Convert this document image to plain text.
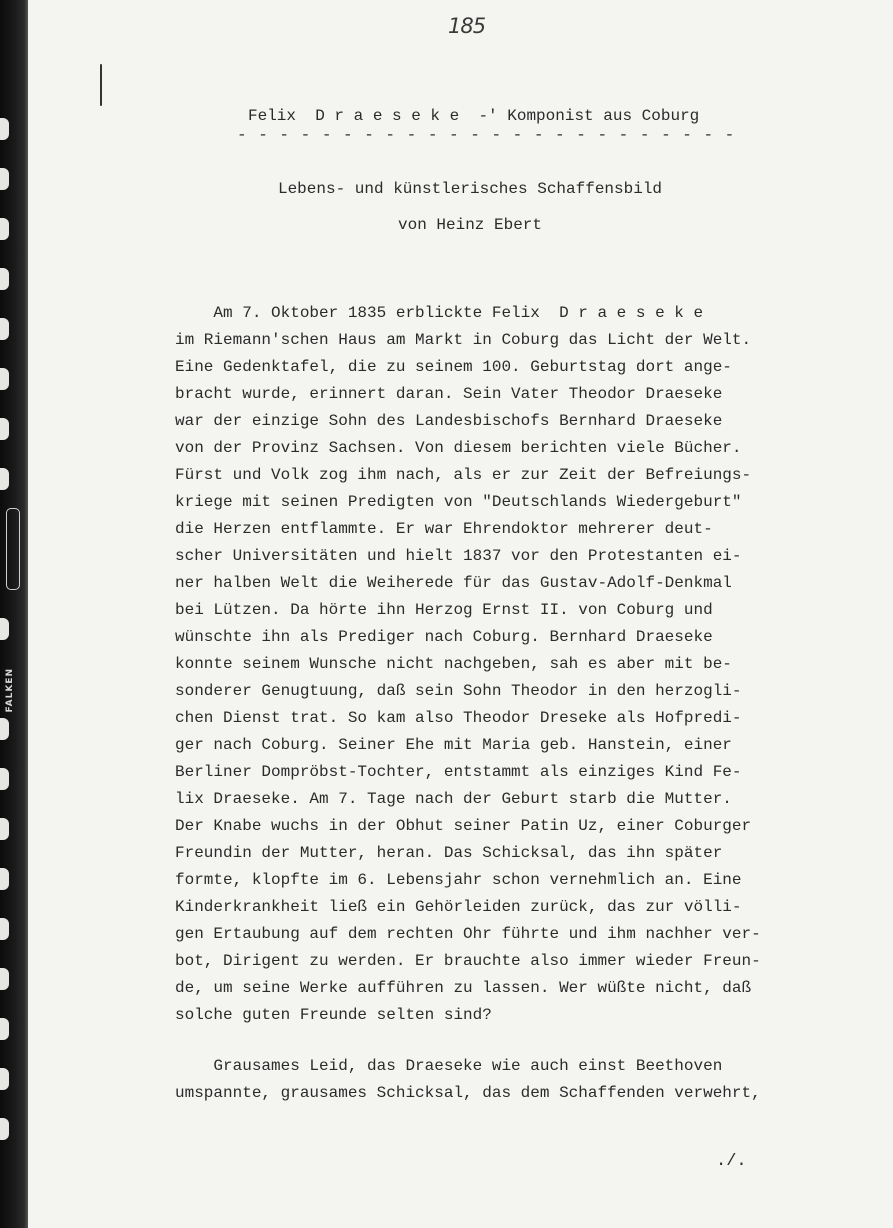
FALKEN
185
Felix  D r a e s e k e  -' Komponist aus Coburg
- - - - - - - - - - - - - - - - - - - - - - - -
Lebens- und künstlerisches Schaffensbild
von Heinz Ebert
Am 7. Oktober 1835 erblickte Felix  D r a e s e k e
im Riemann'schen Haus am Markt in Coburg das Licht der Welt.
Eine Gedenktafel, die zu seinem 100. Geburtstag dort ange-
bracht wurde, erinnert daran. Sein Vater Theodor Draeseke
war der einzige Sohn des Landesbischofs Bernhard Draeseke
von der Provinz Sachsen. Von diesem berichten viele Bücher.
Fürst und Volk zog ihm nach, als er zur Zeit der Befreiungs-
kriege mit seinen Predigten von "Deutschlands Wiedergeburt"
die Herzen entflammte. Er war Ehrendoktor mehrerer deut-
scher Universitäten und hielt 1837 vor den Protestanten ei-
ner halben Welt die Weiherede für das Gustav-Adolf-Denkmal
bei Lützen. Da hörte ihn Herzog Ernst II. von Coburg und
wünschte ihn als Prediger nach Coburg. Bernhard Draeseke
konnte seinem Wunsche nicht nachgeben, sah es aber mit be-
sonderer Genugtuung, daß sein Sohn Theodor in den herzogli-
chen Dienst trat. So kam also Theodor Dreseke als Hofpredi-
ger nach Coburg. Seiner Ehe mit Maria geb. Hanstein, einer
Berliner Dompröbst-Tochter, entstammt als einziges Kind Fe-
lix Draeseke. Am 7. Tage nach der Geburt starb die Mutter.
Der Knabe wuchs in der Obhut seiner Patin Uz, einer Coburger
Freundin der Mutter, heran. Das Schicksal, das ihn später
formte, klopfte im 6. Lebensjahr schon vernehmlich an. Eine
Kinderkrankheit ließ ein Gehörleiden zurück, das zur völli-
gen Ertaubung auf dem rechten Ohr führte und ihm nachher ver-
bot, Dirigent zu werden. Er brauchte also immer wieder Freun-
de, um seine Werke aufführen zu lassen. Wer wüßte nicht, daß
solche guten Freunde selten sind?
Grausames Leid, das Draeseke wie auch einst Beethoven
umspannte, grausames Schicksal, das dem Schaffenden verwehrt,
./.
